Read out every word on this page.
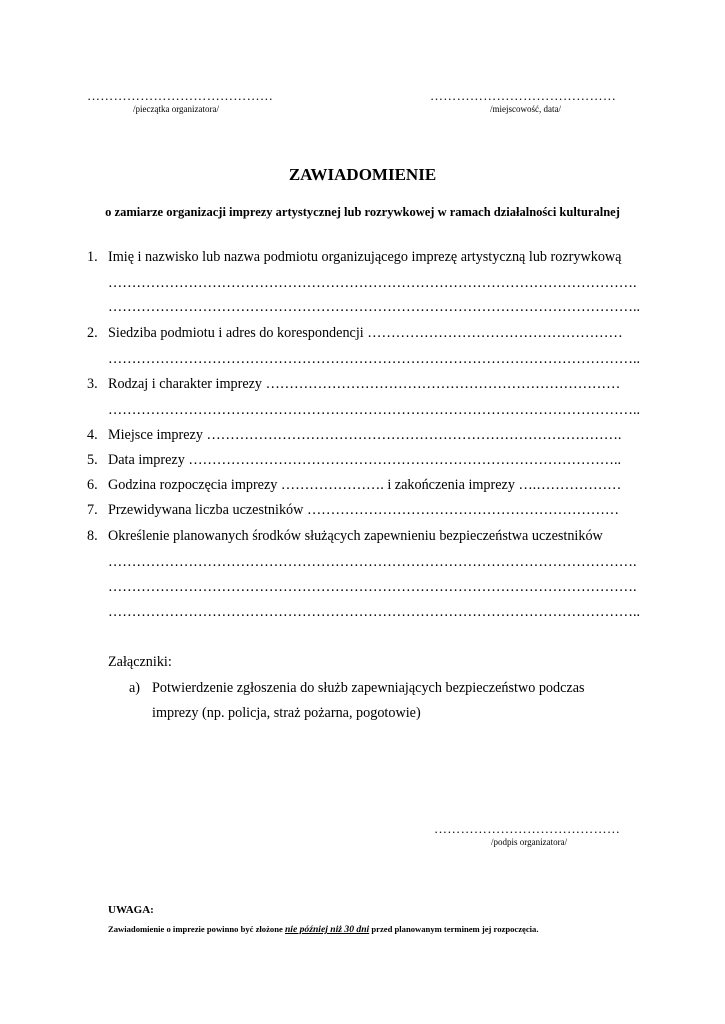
……………………………………
/pieczątka organizatora/
……………………………………
/miejscowość, data/
ZAWIADOMIENIE
o zamiarze organizacji imprezy artystycznej lub rozrywkowej w ramach działalności kulturalnej
1. Imię i nazwisko lub nazwa podmiotu organizującego imprezę artystyczną lub rozrywkową
………………………………………………………………………………………………….
…………………………………………………………………………………………………..
2. Siedziba podmiotu i adres do korespondencji ………………………………………………
…………………………………………………………………………………………………..
3. Rodzaj i charakter imprezy …………………………………………………………………
…………………………………………………………………………………………………..
4. Miejsce imprezy …………………………………………………………………………….
5. Data imprezy ………………………………………………………………………………..
6. Godzina rozpoczęcia imprezy …………………. i zakończenia imprezy ….………………
7. Przewidywana liczba uczestników …………………………………………………………
8. Określenie planowanych środków służących zapewnieniu bezpieczeństwa uczestników
………………………………………………………………………………………………….
………………………………………………………………………………………………….
…………………………………………………………………………………………………..
Załączniki:
a) Potwierdzenie zgłoszenia do służb zapewniających bezpieczeństwo podczas
imprezy (np. policja, straż pożarna, pogotowie)
……………………………………
/podpis organizatora/
UWAGA:
Zawiadomienie o imprezie powinno być złożone nie później niż 30 dni przed planowanym terminem jej rozpoczęcia.
